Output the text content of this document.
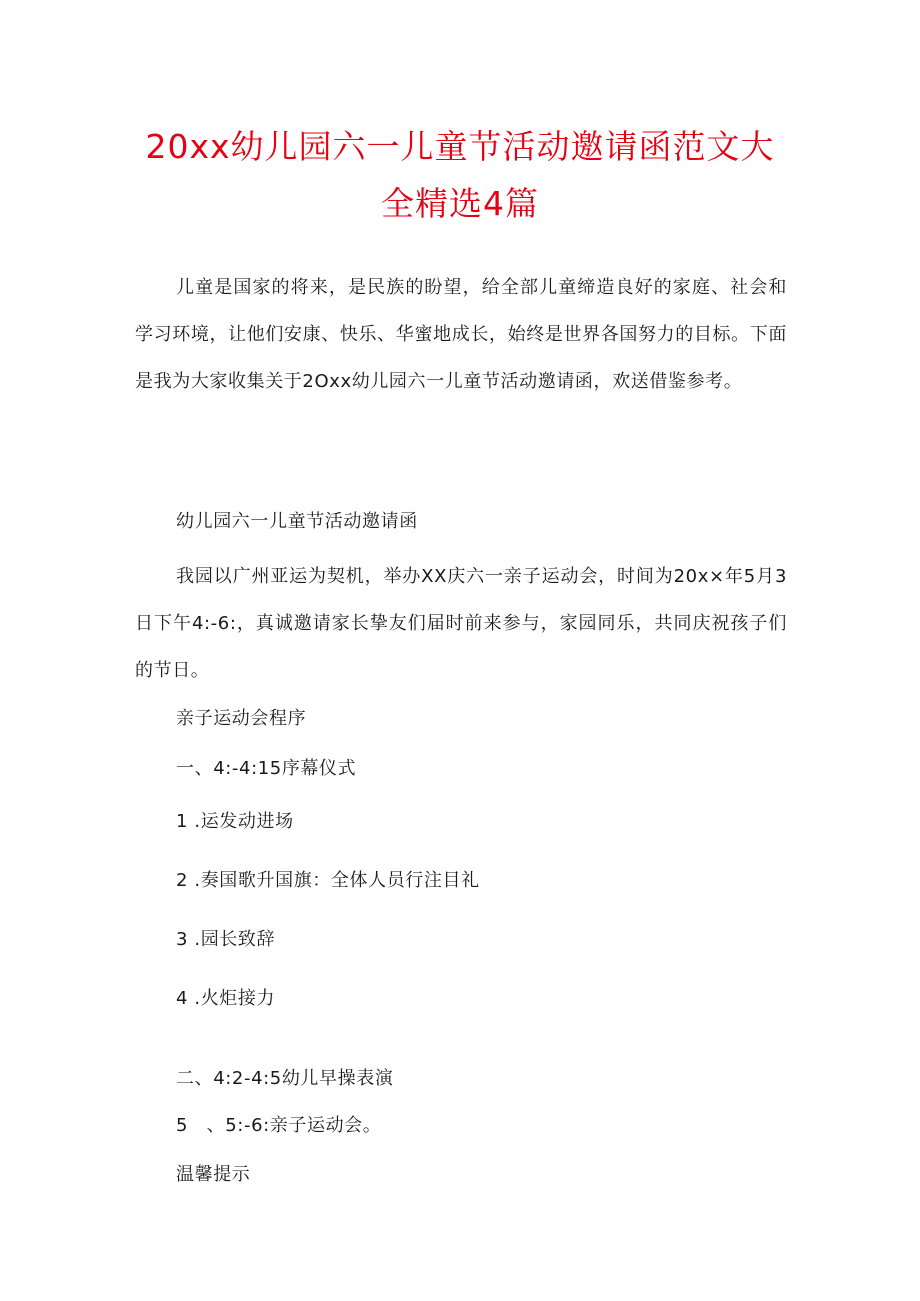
20xx幼儿园六一儿童节活动邀请函范文大
全精选4篇

儿童是国家的将来，是民族的盼望，给全部儿童缔造良好的家庭、社会和学习环境，让他们安康、快乐、华蜜地成长，始终是世界各国努力的目标。下面是我为大家收集关于2Oxx幼儿园六一儿童节活动邀请函，欢送借鉴参考。

幼儿园六一儿童节活动邀请函

我园以广州亚运为契机，举办XX庆六一亲子运动会，时间为20x×年5月3日下午4:-6:，真诚邀请家长挚友们届时前来参与，家园同乐，共同庆祝孩子们的节日。

亲子运动会程序

一、4:-4:15序幕仪式

1 .运发动进场

2 .奏国歌升国旗：全体人员行注目礼

3 .园长致辞

4 .火炬接力

二、4:2-4:5幼儿早操表演

5　、5:-6:亲子运动会。

温馨提示
